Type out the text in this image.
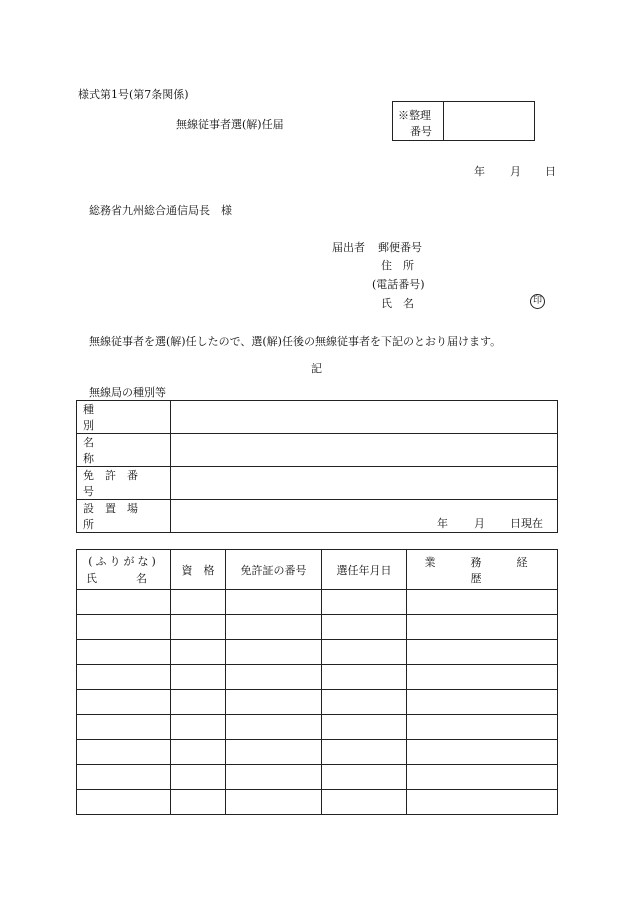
様式第1号(第7条関係)
無線従事者選(解)任届
※整理
番号
年 月 日
総務省九州総合通信局長　様
届出者 郵便番号
住　所
(電話番号)
氏　名	印
無線従事者を選(解)任したので、選(解)任後の無線従事者を下記のとおり届けます。
記
無線局の種別等
種別	

名称	

免許番号	

設置場所	
		年 月 日現在
(ふりがな)
氏　名	資　格	免許証の番号	選任年月日	業　務　経　歴
